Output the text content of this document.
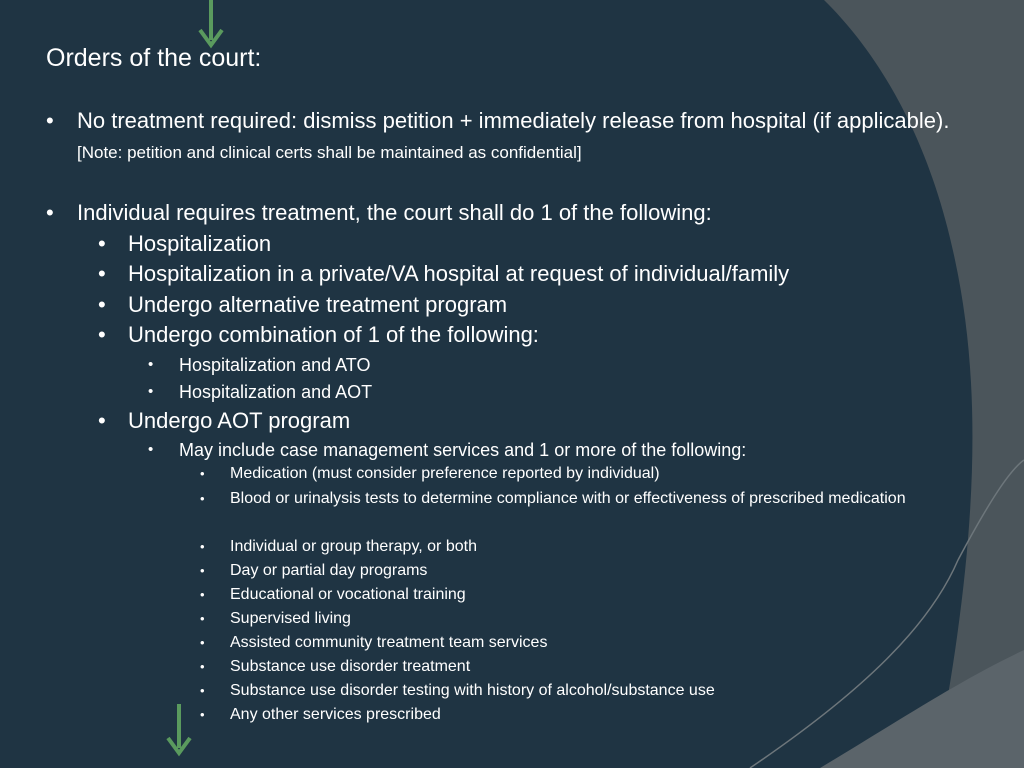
Orders of the court:
• No treatment required: dismiss petition + immediately release from hospital (if applicable). [Note: petition and clinical certs shall be maintained as confidential]
• Individual requires treatment, the court shall do 1 of the following:
• Hospitalization
• Hospitalization in a private/VA hospital at request of individual/family
• Undergo alternative treatment program
• Undergo combination of 1 of the following:
• Hospitalization and ATO
• Hospitalization and AOT
• Undergo AOT program
• May include case management services and 1 or more of the following:
• Medication (must consider preference reported by individual)
• Blood or urinalysis tests to determine compliance with or effectiveness of prescribed medication
• Individual or group therapy, or both
• Day or partial day programs
• Educational or vocational training
• Supervised living
• Assisted community treatment team services
• Substance use disorder treatment
• Substance use disorder testing with history of alcohol/substance use
• Any other services prescribed
